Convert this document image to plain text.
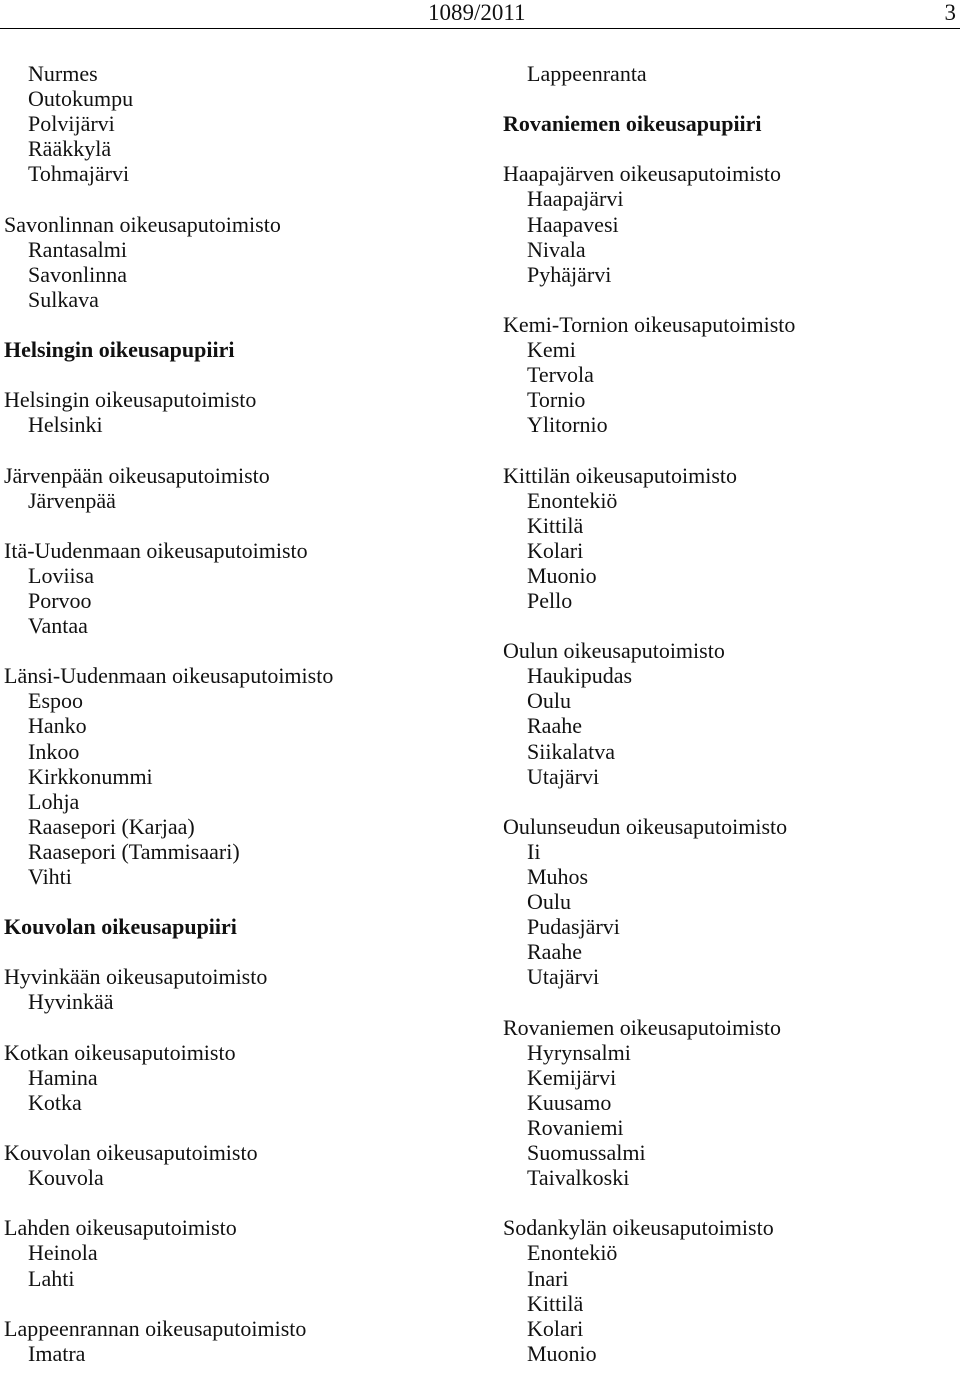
1089/2011	3
Nurmes
Outokumpu
Polvijärvi
Rääkkylä
Tohmajärvi
Savonlinnan oikeusaputoimisto
Rantasalmi
Savonlinna
Sulkava
Helsingin oikeusapupiiri
Helsingin oikeusaputoimisto
Helsinki
Järvenpään oikeusaputoimisto
Järvenpää
Itä-Uudenmaan oikeusaputoimisto
Loviisa
Porvoo
Vantaa
Länsi-Uudenmaan oikeusaputoimisto
Espoo
Hanko
Inkoo
Kirkkonummi
Lohja
Raasepori (Karjaa)
Raasepori (Tammisaari)
Vihti
Kouvolan oikeusapupiiri
Hyvinkään oikeusaputoimisto
Hyvinkää
Kotkan oikeusaputoimisto
Hamina
Kotka
Kouvolan oikeusaputoimisto
Kouvola
Lahden oikeusaputoimisto
Heinola
Lahti
Lappeenrannan oikeusaputoimisto
Imatra
Lappeenranta
Rovaniemen oikeusapupiiri
Haapajärven oikeusaputoimisto
Haapajärvi
Haapavesi
Nivala
Pyhäjärvi
Kemi-Tornion oikeusaputoimisto
Kemi
Tervola
Tornio
Ylitornio
Kittilän oikeusaputoimisto
Enontekiö
Kittilä
Kolari
Muonio
Pello
Oulun oikeusaputoimisto
Haukipudas
Oulu
Raahe
Siikalatva
Utajärvi
Oulunseudun oikeusaputoimisto
Ii
Muhos
Oulu
Pudasjärvi
Raahe
Utajärvi
Rovaniemen oikeusaputoimisto
Hyrynsalmi
Kemijärvi
Kuusamo
Rovaniemi
Suomussalmi
Taivalkoski
Sodankylän oikeusaputoimisto
Enontekiö
Inari
Kittilä
Kolari
Muonio
